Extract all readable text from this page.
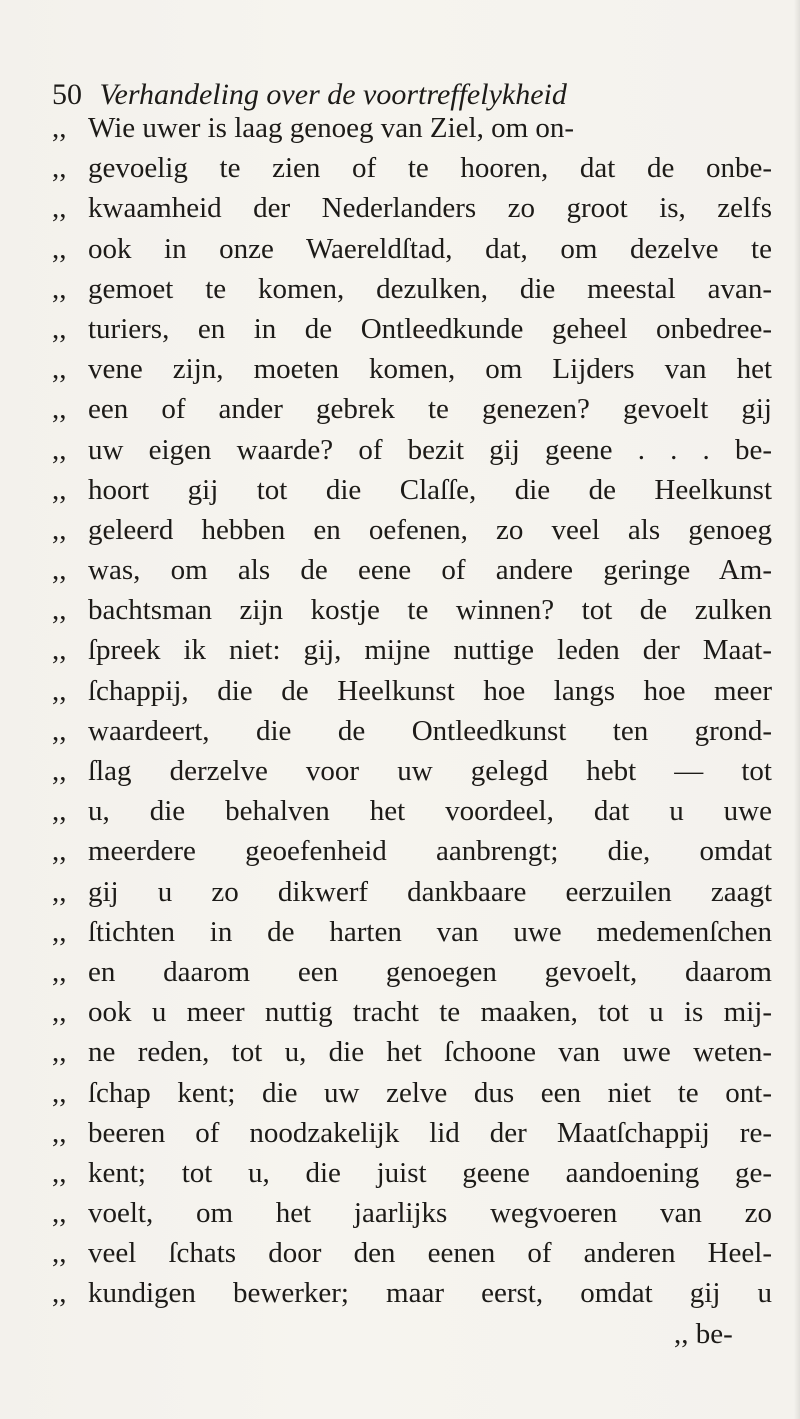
50 Verhandeling over de voortreffelykheid
,, Wie uwer is laag genoeg van Ziel, om on-
,, gevoelig te zien of te hooren, dat de onbe-
,, kwaamheid der Nederlanders zo groot is, zelfs
,, ook in onze Waereldſtad, dat, om dezelve te
,, gemoet te komen, dezulken, die meestal avan-
,, turiers, en in de Ontleedkunde geheel onbedree-
,, vene zijn, moeten komen, om Lijders van het
,, een of ander gebrek te genezen? gevoelt gij
,, uw eigen waarde? of bezit gij geene . . . be-
,, hoort gij tot die Claſſe, die de Heelkunst
,, geleerd hebben en oefenen, zo veel als genoeg
,, was, om als de eene of andere geringe Am-
,, bachtsman zijn kostje te winnen? tot de zulken
,, ſpreek ik niet: gij, mijne nuttige leden der Maat-
,, ſchappij, die de Heelkunst hoe langs hoe meer
,, waardeert, die de Ontleedkunst ten grond-
,, ſlag derzelve voor uw gelegd hebt — tot
,, u, die behalven het voordeel, dat u uwe
,, meerdere geoefenheid aanbrengt; die, omdat
,, gij u zo dikwerf dankbaare eerzuilen zaagt
,, ſtichten in de harten van uwe medemenſchen
,, en daarom een genoegen gevoelt, daarom
,, ook u meer nuttig tracht te maaken, tot u is mij-
,, ne reden, tot u, die het ſchoone van uwe weten-
,, ſchap kent; die uw zelve dus een niet te ont-
,, beeren of noodzakelijk lid der Maatſchappij re-
,, kent; tot u, die juist geene aandoening ge-
,, voelt, om het jaarlijks wegvoeren van zo
,, veel ſchats door den eenen of anderen Heel-
,, kundigen bewerker; maar eerst, omdat gij u
,, be-
